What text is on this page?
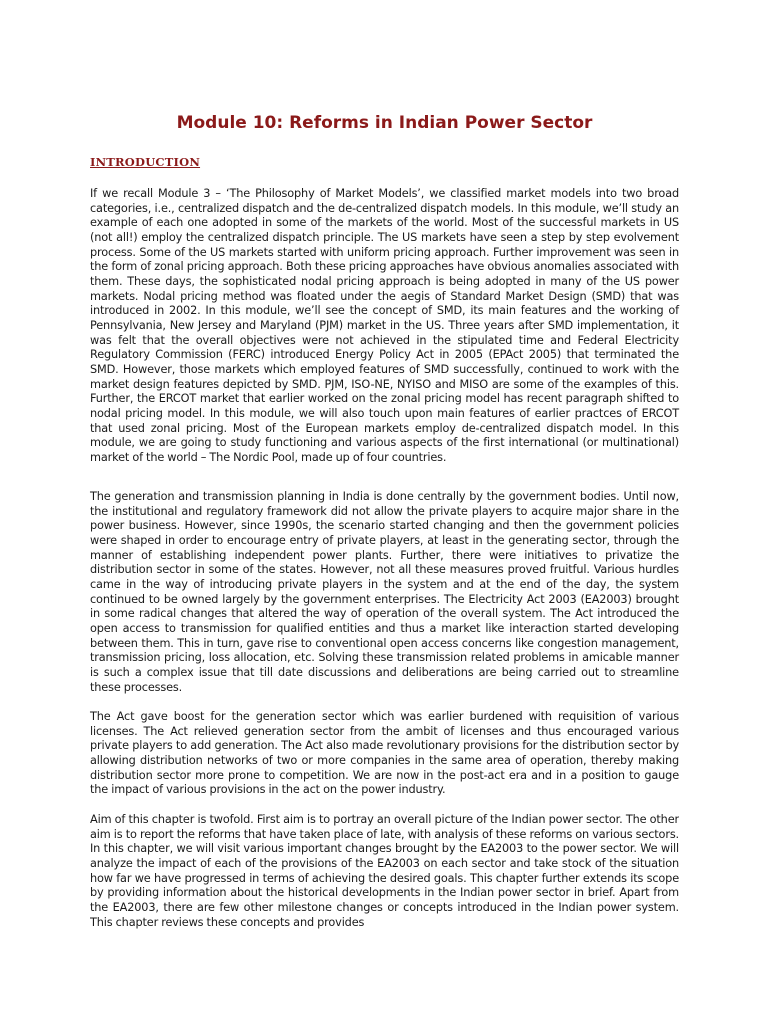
Module 10: Reforms in Indian Power Sector
INTRODUCTION

If we recall Module 3 – ‘The Philosophy of Market Models’, we classified market models into two broad categories, i.e., centralized dispatch and the de-centralized dispatch models. In this module, we’ll study an example of each one adopted in some of the markets of the world. Most of the successful markets in US (not all!) employ the centralized dispatch principle. The US markets have seen a step by step evolvement process. Some of the US markets started with uniform pricing approach. Further improvement was seen in the form of zonal pricing approach. Both these pricing approaches have obvious anomalies associated with them. These days, the sophisticated nodal pricing approach is being adopted in many of the US power markets. Nodal pricing method was floated under the aegis of Standard Market Design (SMD) that was introduced in 2002. In this module, we’ll see the concept of SMD, its main features and the working of Pennsylvania, New Jersey and Maryland (PJM) market in the US. Three years after SMD implementation, it was felt that the overall objectives were not achieved in the stipulated time and Federal Electricity Regulatory Commission (FERC) introduced Energy Policy Act in 2005 (EPAct 2005) that terminated the SMD. However, those markets which employed features of SMD successfully, continued to work with the market design features depicted by SMD. PJM, ISO-NE, NYISO and MISO are some of the examples of this. Further, the ERCOT market that earlier worked on the zonal pricing model has recent paragraph shifted to nodal pricing model. In this module, we will also touch upon main features of earlier practces of ERCOT that used zonal pricing. Most of the European markets employ de-centralized dispatch model. In this module, we are going to study functioning and various aspects of the first international (or multinational) market of the world – The Nordic Pool, made up of four countries.

The generation and transmission planning in India is done centrally by the government bodies. Until now, the institutional and regulatory framework did not allow the private players to acquire major share in the power business. However, since 1990s, the scenario started changing and then the government policies were shaped in order to encourage entry of private players, at least in the generating sector, through the manner of establishing independent power plants. Further, there were initiatives to privatize the distribution sector in some of the states. However, not all these measures proved fruitful. Various hurdles came in the way of introducing private players in the system and at the end of the day, the system continued to be owned largely by the government enterprises. The Electricity Act 2003 (EA2003) brought in some radical changes that altered the way of operation of the overall system. The Act introduced the open access to transmission for qualified entities and thus a market like interaction started developing between them. This in turn, gave rise to conventional open access concerns like congestion management, transmission pricing, loss allocation, etc. Solving these transmission related problems in amicable manner is such a complex issue that till date discussions and deliberations are being carried out to streamline these processes.

The Act gave boost for the generation sector which was earlier burdened with requisition of various licenses. The Act relieved generation sector from the ambit of licenses and thus encouraged various private players to add generation. The Act also made revolutionary provisions for the distribution sector by allowing distribution networks of two or more companies in the same area of operation, thereby making distribution sector more prone to competition. We are now in the post-act era and in a position to gauge the impact of various provisions in the act on the power industry.

Aim of this chapter is twofold. First aim is to portray an overall picture of the Indian power sector. The other aim is to report the reforms that have taken place of late, with analysis of these reforms on various sectors. In this chapter, we will visit various important changes brought by the EA2003 to the power sector. We will analyze the impact of each of the provisions of the EA2003 on each sector and take stock of the situation how far we have progressed in terms of achieving the desired goals. This chapter further extends its scope by providing information about the historical developments in the Indian power sector in brief. Apart from the EA2003, there are few other milestone changes or concepts introduced in the Indian power system. This chapter reviews these concepts and provides
